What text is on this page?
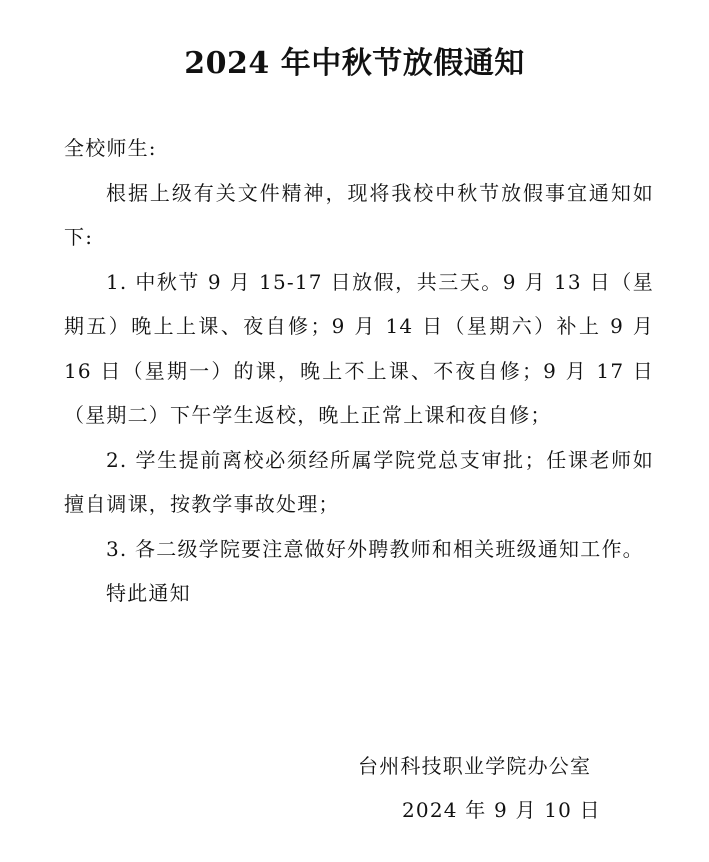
2024 年中秋节放假通知

全校师生:

根据上级有关文件精神，现将我校中秋节放假事宜通知如下:

1. 中秋节 9 月 15-17 日放假，共三天。9 月 13 日（星期五）晚上上课、夜自修；9 月 14 日（星期六）补上 9 月 16 日（星期一）的课，晚上不上课、不夜自修；9 月 17 日（星期二）下午学生返校，晚上正常上课和夜自修；

2. 学生提前离校必须经所属学院党总支审批；任课老师如擅自调课，按教学事故处理；

3. 各二级学院要注意做好外聘教师和相关班级通知工作。

特此通知

台州科技职业学院办公室
2024 年 9 月 10 日
